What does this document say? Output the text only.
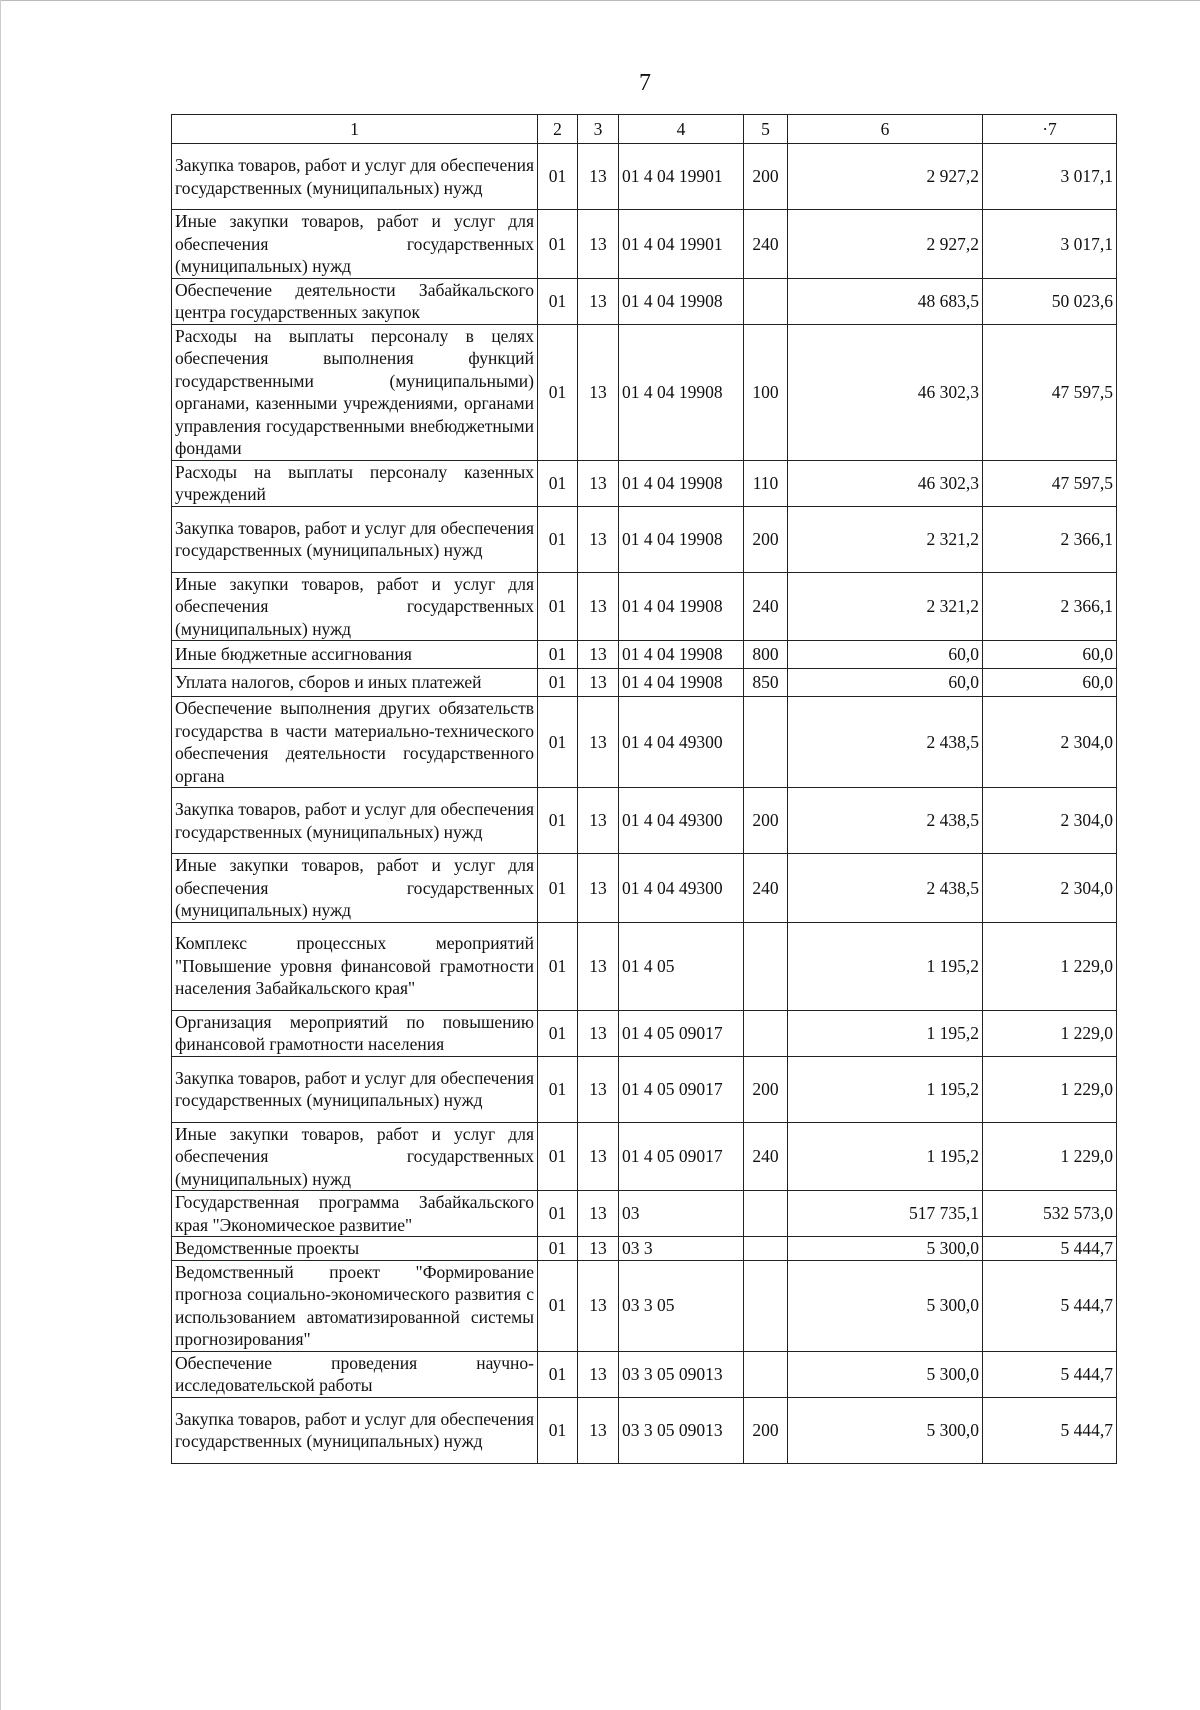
7
1	2	3	4	5	6	·7
Закупка товаров, работ и услуг для обеспечения государственных (муниципальных) нужд	01	13	01 4 04 19901	200	2 927,2	3 017,1
Иные закупки товаров, работ и услуг для обеспечения государственных (муниципальных) нужд	01	13	01 4 04 19901	240	2 927,2	3 017,1
Обеспечение деятельности Забайкальского центра государственных закупок	01	13	01 4 04 19908		48 683,5	50 023,6
Расходы на выплаты персоналу в целях обеспечения выполнения функций государственными (муниципальными) органами, казенными учреждениями, органами управления государственными внебюджетными фондами	01	13	01 4 04 19908	100	46 302,3	47 597,5
Расходы на выплаты персоналу казенных учреждений	01	13	01 4 04 19908	110	46 302,3	47 597,5
Закупка товаров, работ и услуг для обеспечения государственных (муниципальных) нужд	01	13	01 4 04 19908	200	2 321,2	2 366,1
Иные закупки товаров, работ и услуг для обеспечения государственных (муниципальных) нужд	01	13	01 4 04 19908	240	2 321,2	2 366,1
Иные бюджетные ассигнования	01	13	01 4 04 19908	800	60,0	60,0
Уплата налогов, сборов и иных платежей	01	13	01 4 04 19908	850	60,0	60,0
Обеспечение выполнения других обязательств государства в части материально-технического обеспечения деятельности государственного органа	01	13	01 4 04 49300		2 438,5	2 304,0
Закупка товаров, работ и услуг для обеспечения государственных (муниципальных) нужд	01	13	01 4 04 49300	200	2 438,5	2 304,0
Иные закупки товаров, работ и услуг для обеспечения государственных (муниципальных) нужд	01	13	01 4 04 49300	240	2 438,5	2 304,0
Комплекс процессных мероприятий "Повышение уровня финансовой грамотности населения Забайкальского края"	01	13	01 4 05		1 195,2	1 229,0
Организация мероприятий по повышению финансовой грамотности населения	01	13	01 4 05 09017		1 195,2	1 229,0
Закупка товаров, работ и услуг для обеспечения государственных (муниципальных) нужд	01	13	01 4 05 09017	200	1 195,2	1 229,0
Иные закупки товаров, работ и услуг для обеспечения государственных (муниципальных) нужд	01	13	01 4 05 09017	240	1 195,2	1 229,0
Государственная программа Забайкальского края "Экономическое развитие"	01	13	03		517 735,1	532 573,0
Ведомственные проекты	01	13	03 3		5 300,0	5 444,7
Ведомственный проект "Формирование прогноза социально-экономического развития с использованием автоматизированной системы прогнозирования"	01	13	03 3 05		5 300,0	5 444,7
Обеспечение проведения научно-исследовательской работы	01	13	03 3 05 09013		5 300,0	5 444,7
Закупка товаров, работ и услуг для обеспечения государственных (муниципальных) нужд	01	13	03 3 05 09013	200	5 300,0	5 444,7
